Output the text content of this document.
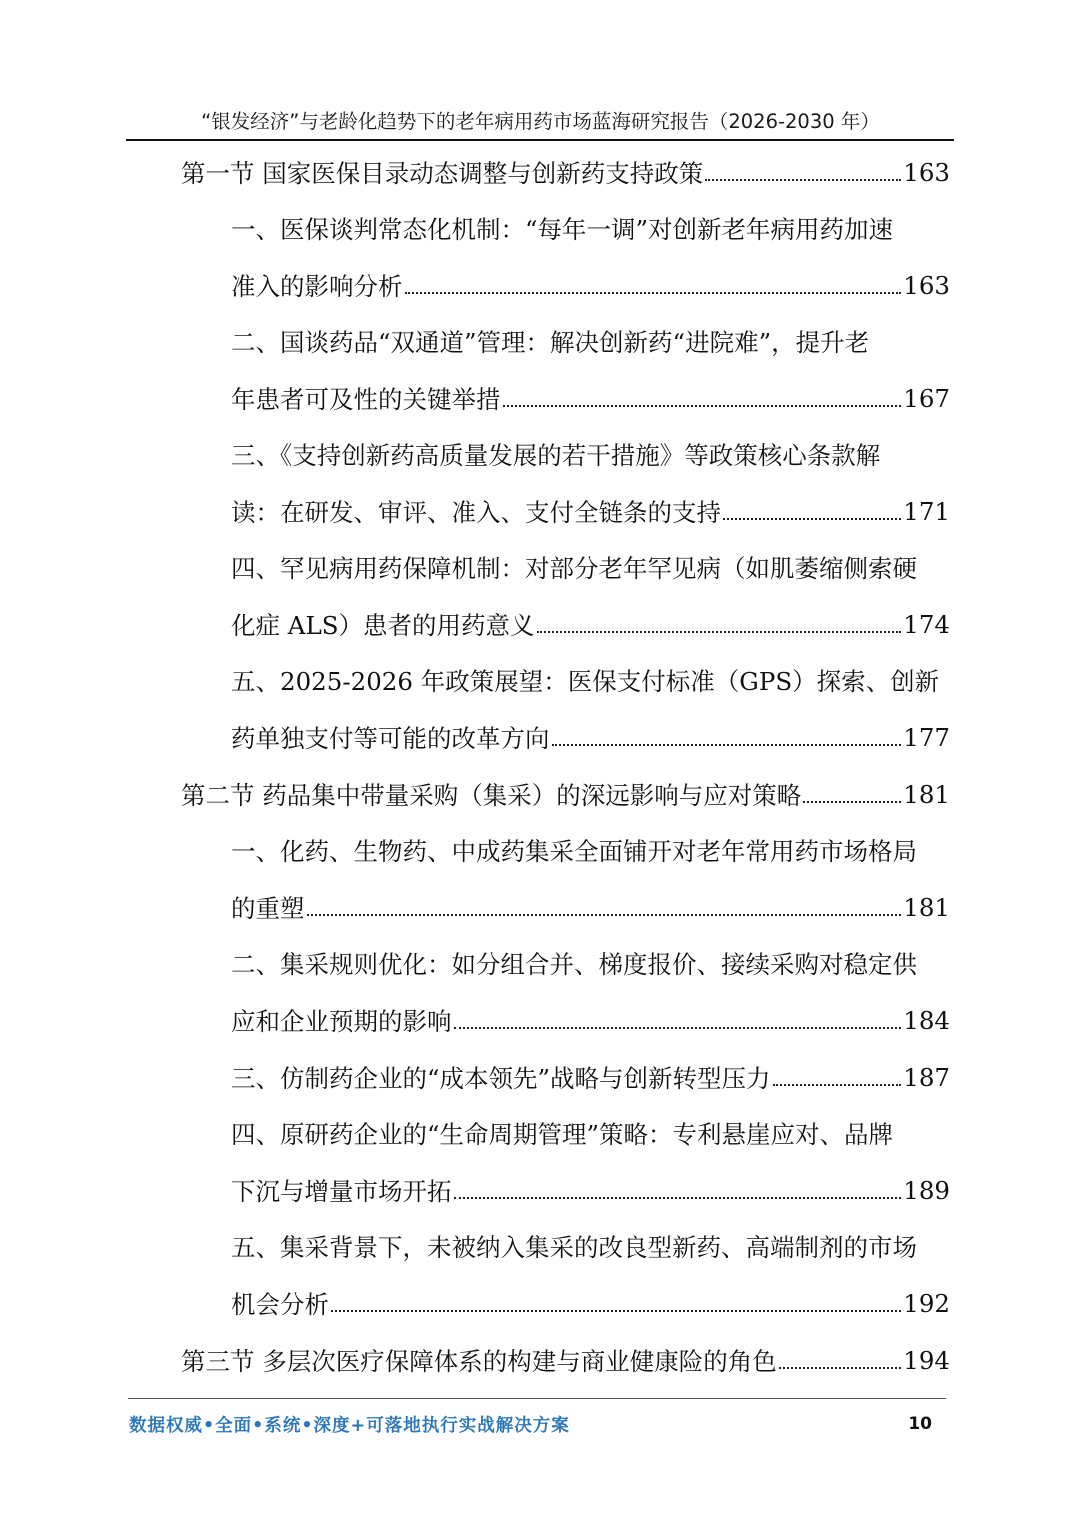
“银发经济”与老龄化趋势下的老年病用药市场蓝海研究报告（2026-2030 年）
第一节 国家医保目录动态调整与创新药支持政策	163
一、医保谈判常态化机制：“每年一调”对创新老年病用药加速
准入的影响分析	163
二、国谈药品“双通道”管理：解决创新药“进院难”，提升老
年患者可及性的关键举措	167
三、《支持创新药高质量发展的若干措施》等政策核心条款解
读：在研发、审评、准入、支付全链条的支持	171
四、罕见病用药保障机制：对部分老年罕见病（如肌萎缩侧索硬
化症 ALS）患者的用药意义	174
五、2025-2026 年政策展望：医保支付标准（GPS）探索、创新
药单独支付等可能的改革方向	177
第二节 药品集中带量采购（集采）的深远影响与应对策略	181
一、化药、生物药、中成药集采全面铺开对老年常用药市场格局
的重塑	181
二、集采规则优化：如分组合并、梯度报价、接续采购对稳定供
应和企业预期的影响	184
三、仿制药企业的“成本领先”战略与创新转型压力	187
四、原研药企业的“生命周期管理”策略：专利悬崖应对、品牌
下沉与增量市场开拓	189
五、集采背景下，未被纳入集采的改良型新药、高端制剂的市场
机会分析	192
第三节 多层次医疗保障体系的构建与商业健康险的角色	194
数据权威•全面•系统•深度+可落地执行实战解决方案	10
